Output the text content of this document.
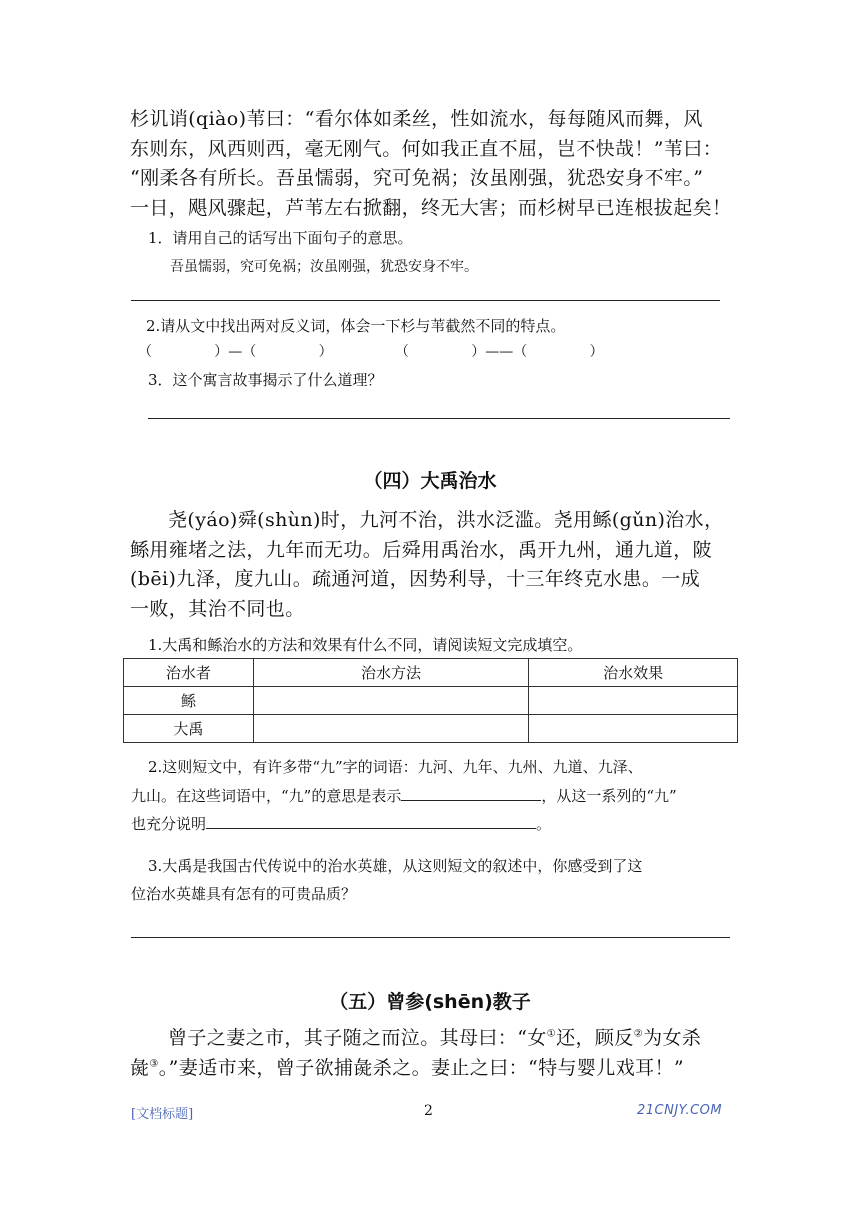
杉讥诮(qiào)苇曰：“看尔体如柔丝，性如流水，每每随风而舞，风
东则东，风西则西，毫无刚气。何如我正直不屈，岂不快哉！”苇曰：
“刚柔各有所长。吾虽懦弱，究可免祸；汝虽刚强，犹恐安身不牢。”
一日，飓风骤起，芦苇左右掀翻，终无大害；而杉树早已连根拔起矣！
1．请用自己的话写出下面句子的意思。
吾虽懦弱，究可免祸；汝虽刚强，犹恐安身不牢。
2.请从文中找出两对反义词，体会一下杉与苇截然不同的特点。
（              ）—（              ）              （              ）——（              ）
3．这个寓言故事揭示了什么道理？
（四）大禹治水
尧(yáo)舜(shùn)时，九河不治，洪水泛滥。尧用鲧(gǔn)治水，
鲧用雍堵之法，九年而无功。后舜用禹治水，禹开九州，通九道，陂
(bēi)九泽，度九山。疏通河道，因势利导，十三年终克水患。一成
一败，其治不同也。
1.大禹和鲧治水的方法和效果有什么不同，请阅读短文完成填空。
治水者	治水方法	治水效果
鲧		
大禹		
2.这则短文中，有许多带“九”字的词语：九河、九年、九州、九道、九泽、
九山。在这些词语中，“九”的意思是表示	，从这一系列的“九”
也充分说明	。
3.大禹是我国古代传说中的治水英雄，从这则短文的叙述中，你感受到了这
位治水英雄具有怎有的可贵品质？
（五）曾参(shēn)教子
曾子之妻之市，其子随之而泣。其母曰：“女①还，顾反②为女杀
彘③。”妻适市来，曾子欲捕彘杀之。妻止之曰：“特与婴儿戏耳！”
[文档标题]	2	21CNJY.COM
